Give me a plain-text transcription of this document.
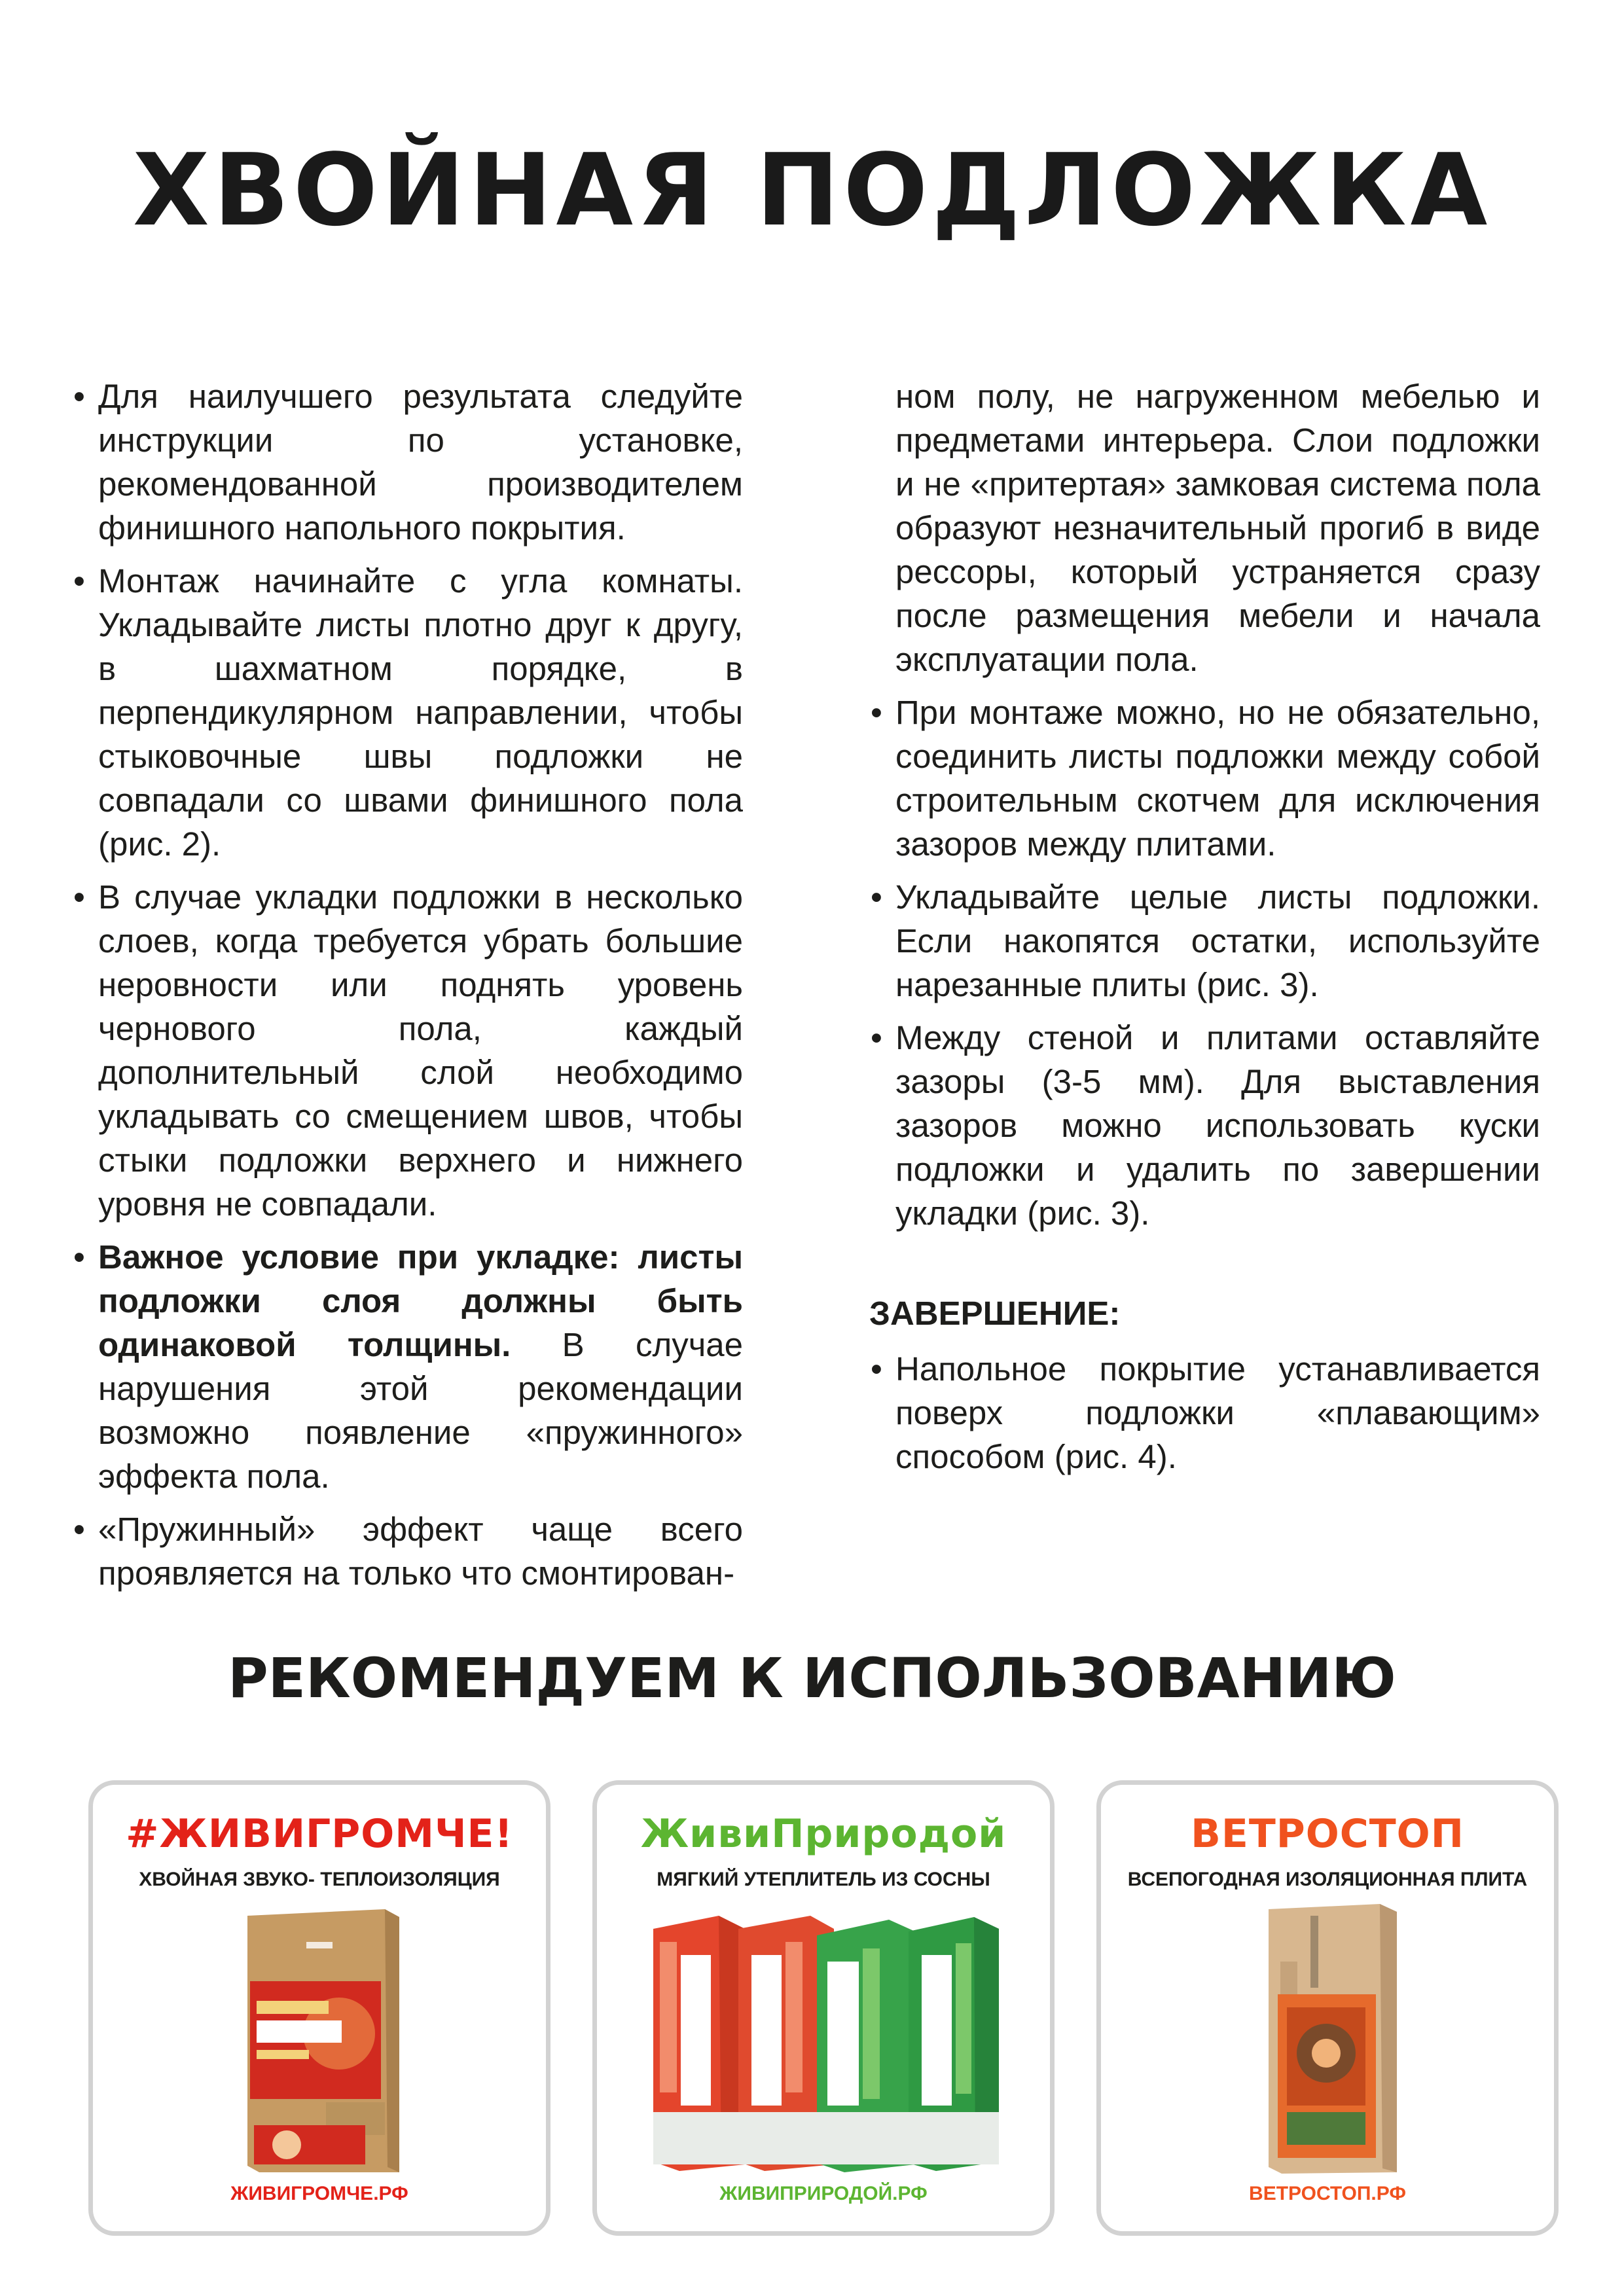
ХВОЙНАЯ ПОДЛОЖКА
• Для наилучшего результата следуйте инструкции по установке, рекомендованной производителем финишного напольного покрытия.
• Монтаж начинайте с угла комнаты. Укладывайте листы плотно друг к другу, в шахматном порядке, в перпендикулярном направлении, чтобы стыковочные швы подложки не совпадали со швами финишного пола (рис. 2).
• В случае укладки подложки в несколько слоев, когда требуется убрать большие неровности или поднять уровень чернового пола, каждый дополнительный слой необходимо укладывать со смещением швов, чтобы стыки подложки верхнего и нижнего уровня не совпадали.
• Важное условие при укладке: листы подложки слоя должны быть одинаковой толщины. В случае нарушения этой рекомендации возможно появление «пружинного» эффекта пола.
• «Пружинный» эффект чаще всего проявляется на только что смонтирован-

ном полу, не нагруженном мебелью и предметами интерьера. Слои подложки и не «притертая» замковая система пола образуют незначительный прогиб в виде рессоры, который устраняется сразу после размещения мебели и начала эксплуатации пола.

• При монтаже можно, но не обязательно, соединить листы подложки между собой строительным скотчем для исключения зазоров между плитами.
• Укладывайте целые листы подложки. Если накопятся остатки, используйте нарезанные плиты (рис. 3).
• Между стеной и плитами оставляйте зазоры (3-5 мм). Для выставления зазоров можно использовать куски подложки и удалить по завершении укладки (рис. 3).
ЗАВЕРШЕНИЕ:
• Напольное покрытие устанавливается поверх подложки «плавающим» способом (рис. 4).
РЕКОМЕНДУЕМ К ИСПОЛЬЗОВАНИЮ
#ЖИВИГРОМЧЕ!
ХВОЙНАЯ ЗВУКО- ТЕПЛОИЗОЛЯЦИЯ
ЖИВИГРОМЧЕ.РФ
ЖивиПриродой
МЯГКИЙ УТЕПЛИТЕЛЬ ИЗ СОСНЫ
ЖИВИПРИРОДОЙ.РФ
ВЕТРОСТОП
ВСЕПОГОДНАЯ ИЗОЛЯЦИОННАЯ ПЛИТА
ВЕТРОСТОП.РФ
